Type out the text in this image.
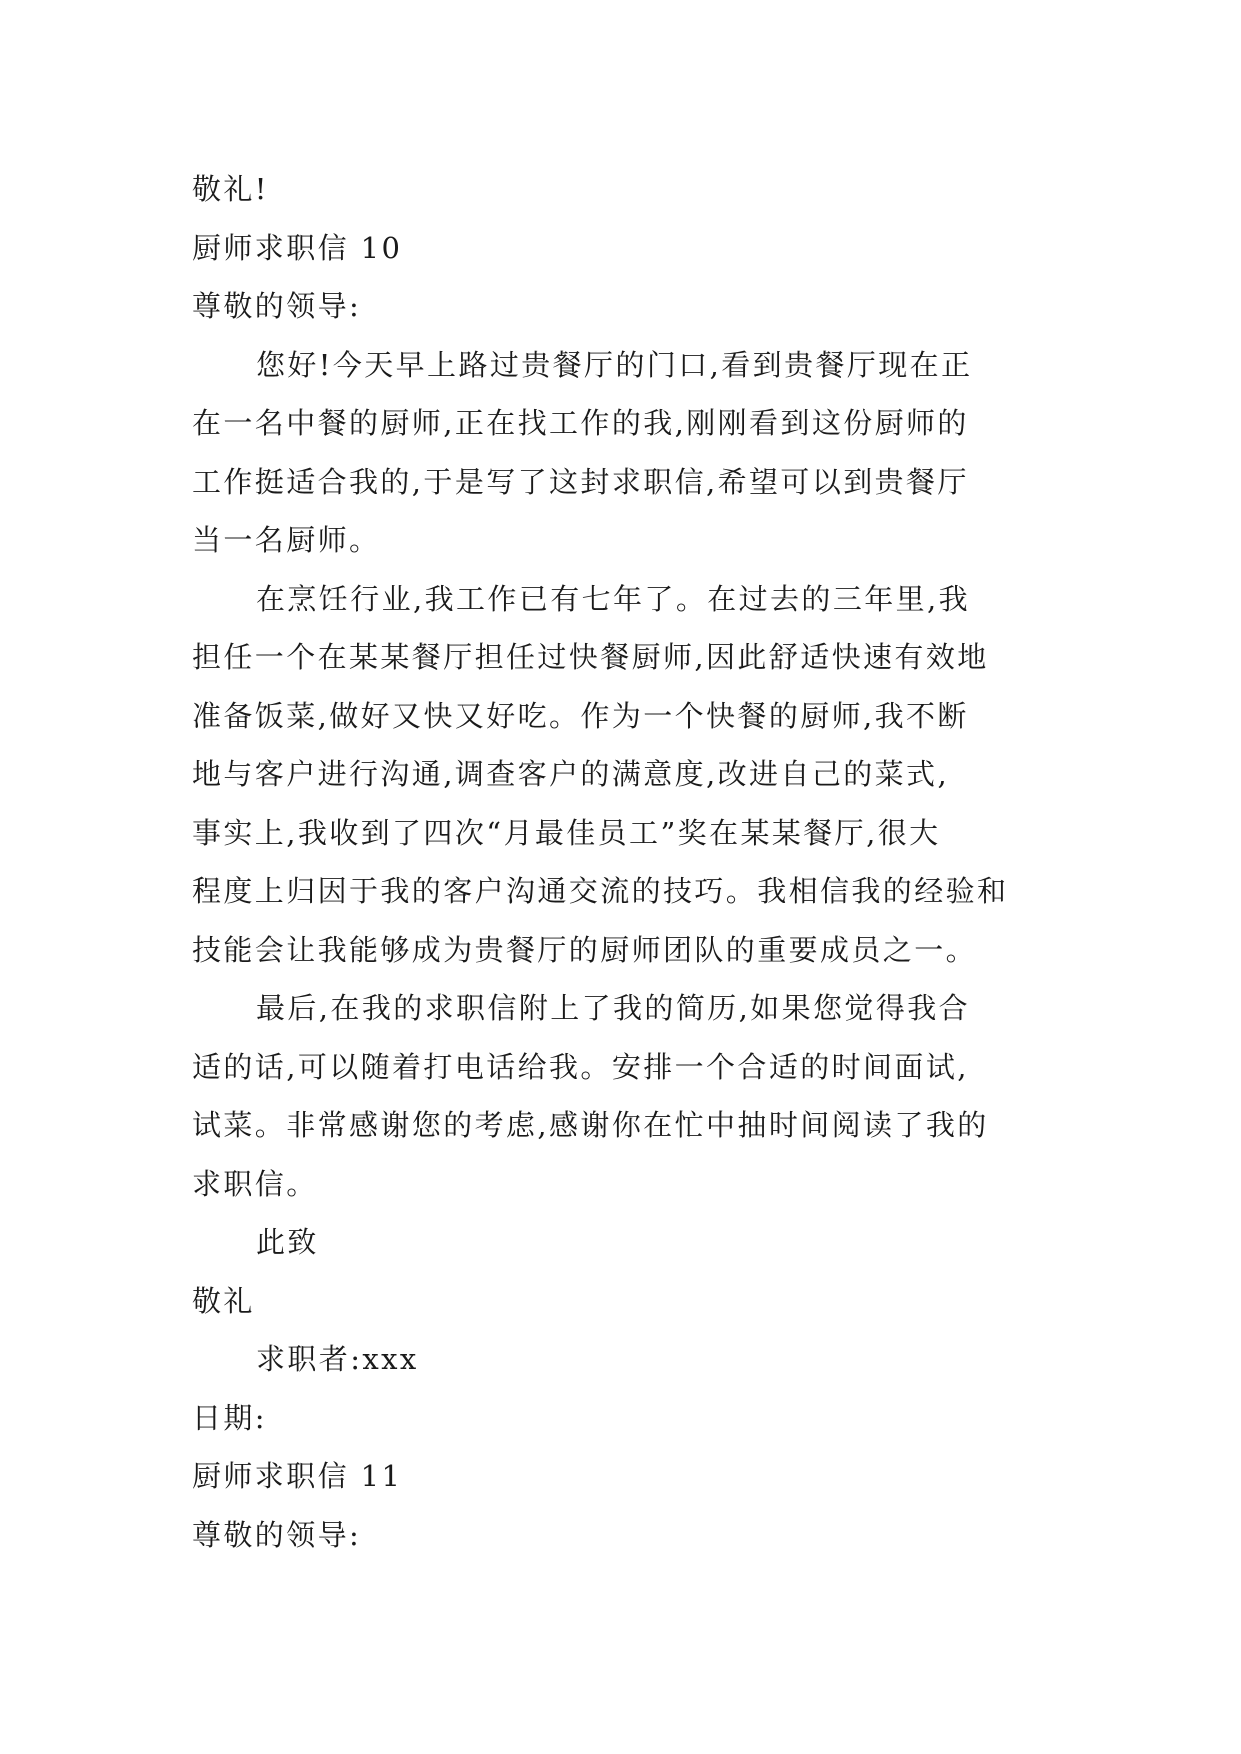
敬礼!
厨师求职信 10
尊敬的领导:
您好!今天早上路过贵餐厅的门口,看到贵餐厅现在正
在一名中餐的厨师,正在找工作的我,刚刚看到这份厨师的
工作挺适合我的,于是写了这封求职信,希望可以到贵餐厅
当一名厨师。
在烹饪行业,我工作已有七年了。在过去的三年里,我
担任一个在某某餐厅担任过快餐厨师,因此舒适快速有效地
准备饭菜,做好又快又好吃。作为一个快餐的厨师,我不断
地与客户进行沟通,调查客户的满意度,改进自己的菜式,
事实上,我收到了四次“月最佳员工”奖在某某餐厅,很大
程度上归因于我的客户沟通交流的技巧。我相信我的经验和
技能会让我能够成为贵餐厅的厨师团队的重要成员之一。
最后,在我的求职信附上了我的简历,如果您觉得我合
适的话,可以随着打电话给我。安排一个合适的时间面试,
试菜。非常感谢您的考虑,感谢你在忙中抽时间阅读了我的
求职信。
此致
敬礼
求职者:xxx
日期:
厨师求职信 11
尊敬的领导:
